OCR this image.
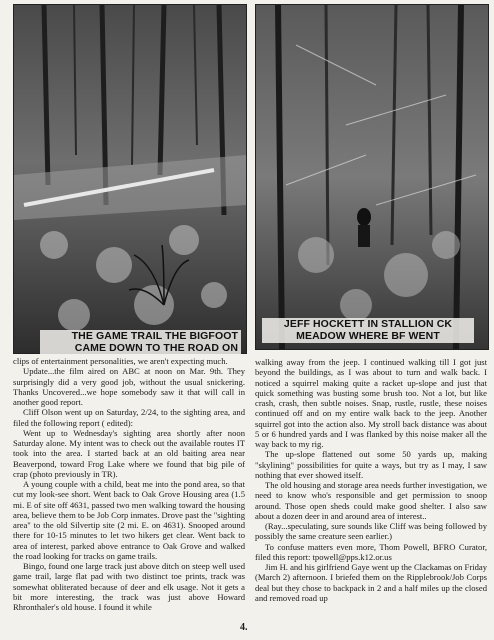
THE GAME TRAIL THE BIGFOOT CAME DOWN TO THE ROAD ON
JEFF HOCKETT IN STALLION CK MEADOW WHERE BF WENT

clips of entertainment personalities, we aren't expecting much.

Update...the film aired on ABC at noon on Mar. 9th. They surprisingly did a very good job, without the usual snickering. Thanks Uncovered...we hope somebody saw it that will call in another good report.

Cliff Olson went up on Saturday, 2/24, to the sighting area, and filed the following report ( edited):

Went up to Wednesday's sighting area shortly after noon Saturday alone. My intent was to check out the available routes IT took into the area. I started back at an old baiting area near Beaverpond, toward Frog Lake where we found that big pile of crap (photo previously in TR).

A young couple with a child, beat me into the pond area, so that cut my look-see short. Went back to Oak Grove Housing area (1.5 mi. E of site off 4631, passed two men walking toward the housing area, believe them to be Job Corp inmates. Drove past the "sighting area" to the old Silvertip site (2 mi. E. on 4631). Snooped around there for 10-15 minutes to let two hikers get clear. Went back to area of interest, parked above entrance to Oak Grove and walked the road looking for tracks on game trails.

Bingo, found one large track just above ditch on steep well used game trail, large flat pad with two distinct toe prints, track was somewhat obliterated because of deer and elk usage. Not it gets a bit more interesting, the track was just above Howard Rhronthaler's old house. I found it while

walking away from the jeep. I continued walking till I got just beyond the buildings, as I was about to turn and walk back. I noticed a squirrel making quite a racket up-slope and just that quick something was busting some brush too. Not a lot, but like crash, crash, then subtle noises. Snap, rustle, rustle, these noises continued off and on my entire walk back to the jeep. Another squirrel got into the action also. My stroll back distance was about 5 or 6 hundred yards and I was flanked by this noise maker all the way back to my rig.

The up-slope flattened out some 50 yards up, making "skylining" possibilities for quite a ways, but try as I may, I saw nothing that ever showed itself.

The old housing and storage area needs further investigation, we need to know who's responsible and get permission to snoop around. Those open sheds could make good shelter. I also saw about a dozen deer in and around area of interest..

(Ray...speculating, sure sounds like Cliff was being followed by possibly the same creature seen earlier.)

To confuse matters even more, Thom Powell, BFRO Curator, filed this report: tpowell@pps.k12.or.us

Jim H. and his girlfriend Gaye went up the Clackamas on Friday (March 2) afternoon. I briefed them on the Ripplebrook/Job Corps deal but they chose to backpack in 2 and a half miles up the closed and removed road up

4.
